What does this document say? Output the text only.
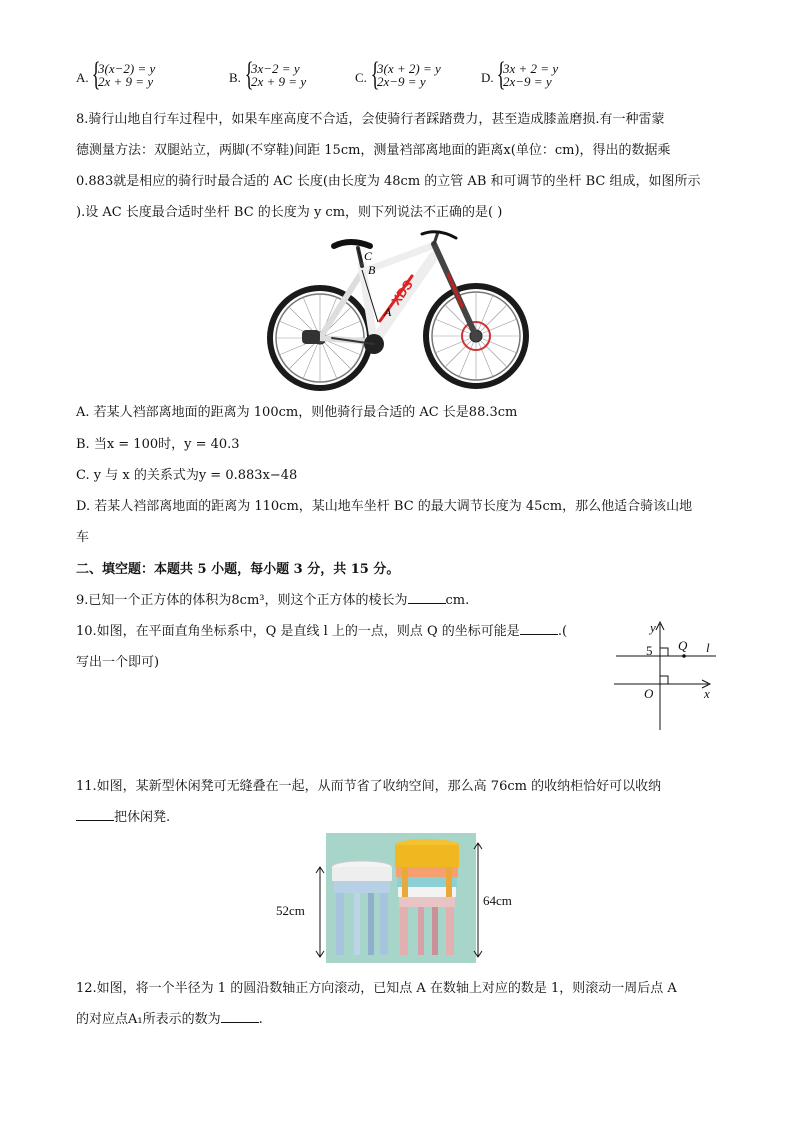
A. {
3(x−2) = y
2x + 9 = y	B. {
3x−2 = y
2x + 9 = y	C. {
3(x + 2) = y
2x−9 = y	D. {
3x + 2 = y
2x−9 = y
8.骑行山地自行车过程中，如果车座高度不合适，会使骑行者踩踏费力，甚至造成膝盖磨损.有一种雷蒙
德测量方法：双腿站立，两脚(不穿鞋)间距 15cm，测量裆部离地面的距离x(单位：cm)，得出的数据乘
0.883就是相应的骑行时最合适的 AC 长度(由长度为 48cm 的立管 AB 和可调节的坐杆 BC 组成，如图所示
).设 AC 长度最合适时坐杆 BC 的长度为 y cm，则下列说法不正确的是( )
XDS
C
B
A
A. 若某人裆部离地面的距离为 100cm，则他骑行最合适的 AC 长是88.3cm
B. 当x = 100时，y = 40.3
C. y 与 x 的关系式为y = 0.883x−48
D. 若某人裆部离地面的距离为 110cm，某山地车坐杆 BC 的最大调节长度为 45cm，那么他适合骑该山地
车
二、填空题：本题共 5 小题，每小题 3 分，共 15 分。
9.已知一个正方体的体积为8cm³，则这个正方体的棱长为	cm.
10.如图，在平面直角坐标系中，Q 是直线 l 上的一点，则点 Q 的坐标可能是	.(
写出一个即可)
y
x
O
Q l
5
11.如图，某新型休闲凳可无缝叠在一起，从而节省了收纳空间，那么高 76cm 的收纳柜恰好可以收纳
把休闲凳.
52cm
64cm
12.如图，将一个半径为 1 的圆沿数轴正方向滚动，已知点 A 在数轴上对应的数是 1，则滚动一周后点 A
的对应点A₁所表示的数为	.
